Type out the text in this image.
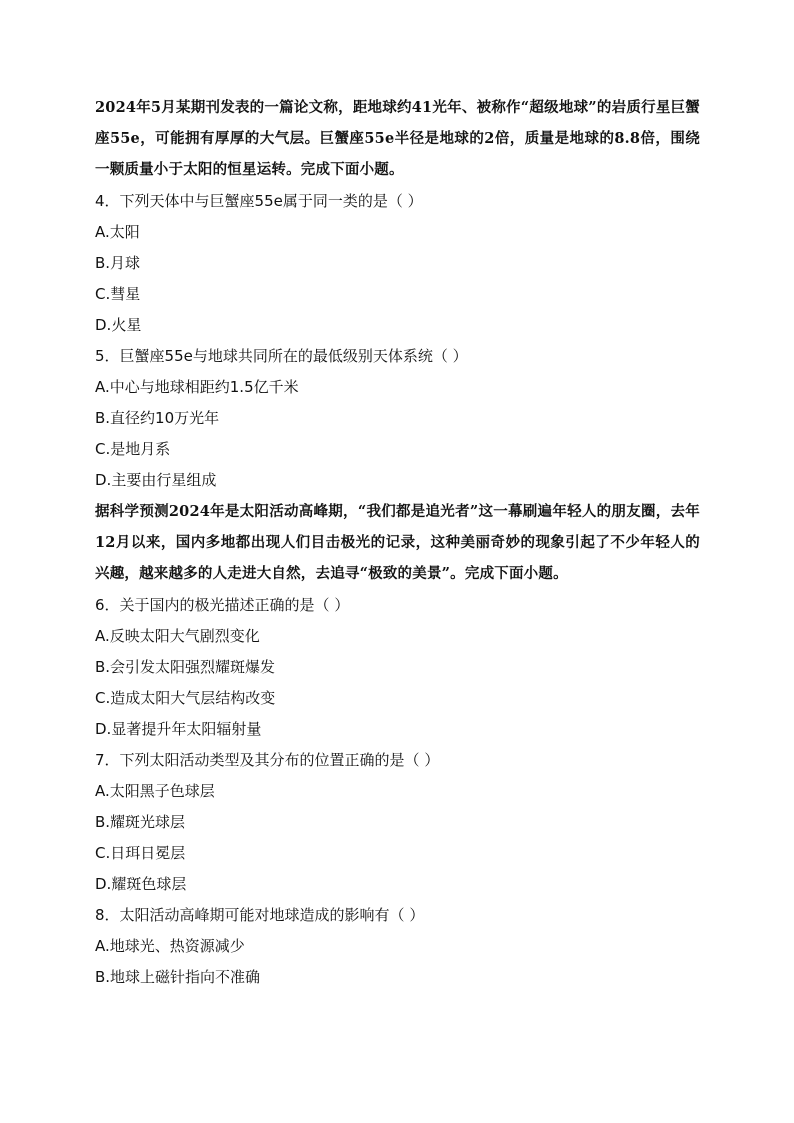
2024年5月某期刊发表的一篇论文称，距地球约41光年、被称作“超级地球”的岩质行星巨蟹座55e，可能拥有厚厚的大气层。巨蟹座55e半径是地球的2倍，质量是地球的8.8倍，围绕一颗质量小于太阳的恒星运转。完成下面小题。

4．下列天体中与巨蟹座55e属于同一类的是（ ）

A.太阳

B.月球

C.彗星

D.火星

5．巨蟹座55e与地球共同所在的最低级别天体系统（ ）

A.中心与地球相距约1.5亿千米

B.直径约10万光年

C.是地月系

D.主要由行星组成

据科学预测2024年是太阳活动高峰期，“我们都是追光者”这一幕刷遍年轻人的朋友圈，去年12月以来，国内多地都出现人们目击极光的记录，这种美丽奇妙的现象引起了不少年轻人的兴趣，越来越多的人走进大自然，去追寻“极致的美景”。完成下面小题。

6．关于国内的极光描述正确的是（ ）

A.反映太阳大气剧烈变化

B.会引发太阳强烈耀斑爆发

C.造成太阳大气层结构改变

D.显著提升年太阳辐射量

7．下列太阳活动类型及其分布的位置正确的是（ ）

A.太阳黑子色球层

B.耀斑光球层

C.日珥日冕层

D.耀斑色球层

8．太阳活动高峰期可能对地球造成的影响有（ ）

A.地球光、热资源减少

B.地球上磁针指向不准确
